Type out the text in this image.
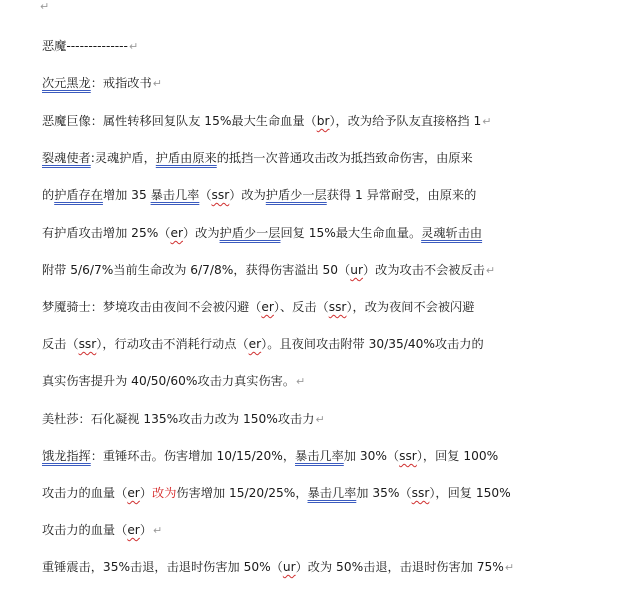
↵
恶魔--------------↵
次元黑龙：戒指改书↵
恶魔巨像：属性转移回复队友 15%最大生命血量（br），改为给予队友直接格挡 1↵
裂魂使者:灵魂护盾，护盾由原来的抵挡一次普通攻击改为抵挡致命伤害，由原来
的护盾存在增加 35 暴击几率（ssr）改为护盾少一层获得 1 异常耐受，由原来的
有护盾攻击增加 25%（er）改为护盾少一层回复 15%最大生命血量。灵魂斩击由
附带 5/6/7%当前生命改为 6/7/8%，获得伤害溢出 50（ur）改为攻击不会被反击↵
梦魇骑士：梦境攻击由夜间不会被闪避（er）、反击（ssr），改为夜间不会被闪避
反击（ssr），行动攻击不消耗行动点（er）。且夜间攻击附带 30/35/40%攻击力的
真实伤害提升为 40/50/60%攻击力真实伤害。↵
美杜莎：石化凝视 135%攻击力改为 150%攻击力↵
饿龙指挥：重锤环击。伤害增加 10/15/20%，暴击几率加 30%（ssr），回复 100%
攻击力的血量（er）改为伤害增加 15/20/25%，暴击几率加 35%（ssr），回复 150%
攻击力的血量（er）↵
重锤震击，35%击退，击退时伤害加 50%（ur）改为 50%击退，击退时伤害加 75%↵
